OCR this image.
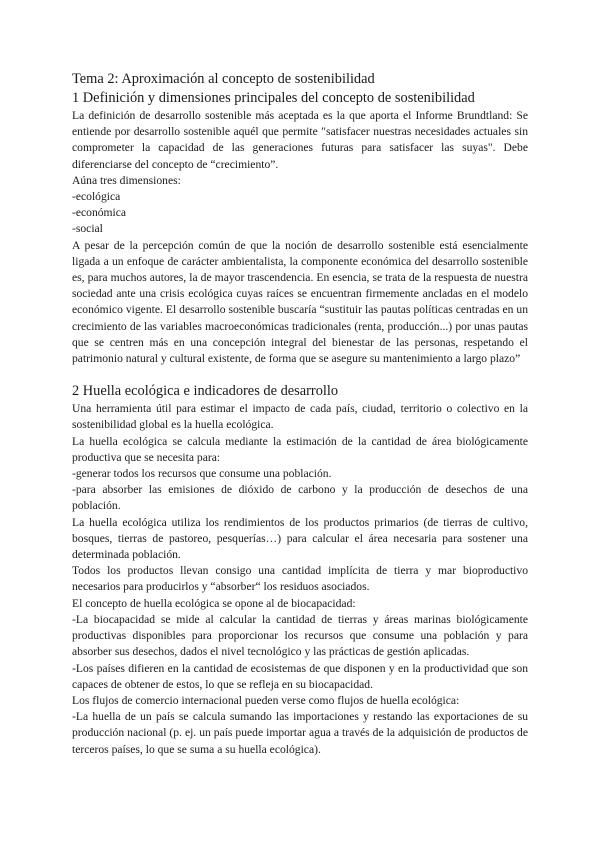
Tema 2: Aproximación al concepto de sostenibilidad
1 Definición y dimensiones principales del concepto de sostenibilidad

La definición de desarrollo sostenible más aceptada es la que aporta el Informe Brundtland: Se entiende por desarrollo sostenible aquél que permite "satisfacer nuestras necesidades actuales sin comprometer la capacidad de las generaciones futuras para satisfacer las suyas". Debe diferenciarse del concepto de “crecimiento”.

Aúna tres dimensiones:

-ecológica
-económica
-social

A pesar de la percepción común de que la noción de desarrollo sostenible está esencialmente ligada a un enfoque de carácter ambientalista, la componente económica del desarrollo sostenible es, para muchos autores, la de mayor trascendencia. En esencia, se trata de la respuesta de nuestra sociedad ante una crisis ecológica cuyas raíces se encuentran firmemente ancladas en el modelo económico vigente. El desarrollo sostenible buscaría “sustituir las pautas políticas centradas en un crecimiento de las variables macroeconómicas tradicionales (renta, producción...) por unas pautas que se centren más en una concepción integral del bienestar de las personas, respetando el patrimonio natural y cultural existente, de forma que se asegure su mantenimiento a largo plazo”

2 Huella ecológica e indicadores de desarrollo

Una herramienta útil para estimar el impacto de cada país, ciudad, territorio o colectivo en la sostenibilidad global es la huella ecológica.

La huella ecológica se calcula mediante la estimación de la cantidad de área biológicamente productiva que se necesita para:

-generar todos los recursos que consume una población.

-para absorber las emisiones de dióxido de carbono y la producción de desechos de una población.

La huella ecológica utiliza los rendimientos de los productos primarios (de tierras de cultivo, bosques, tierras de pastoreo, pesquerías…) para calcular el área necesaria para sostener una determinada población.

Todos los productos llevan consigo una cantidad implícita de tierra y mar bioproductivo necesarios para producirlos y “absorber“ los residuos asociados.

El concepto de huella ecológica se opone al de biocapacidad:

-La biocapacidad se mide al calcular la cantidad de tierras y áreas marinas biológicamente productivas disponibles para proporcionar los recursos que consume una población y para absorber sus desechos, dados el nivel tecnológico y las prácticas de gestión aplicadas.

-Los países difieren en la cantidad de ecosistemas de que disponen y en la productividad que son capaces de obtener de estos, lo que se refleja en su biocapacidad.

Los flujos de comercio internacional pueden verse como flujos de huella ecológica:

-La huella de un país se calcula sumando las importaciones y restando las exportaciones de su producción nacional (p. ej. un país puede importar agua a través de la adquisición de productos de terceros países, lo que se suma a su huella ecológica).
